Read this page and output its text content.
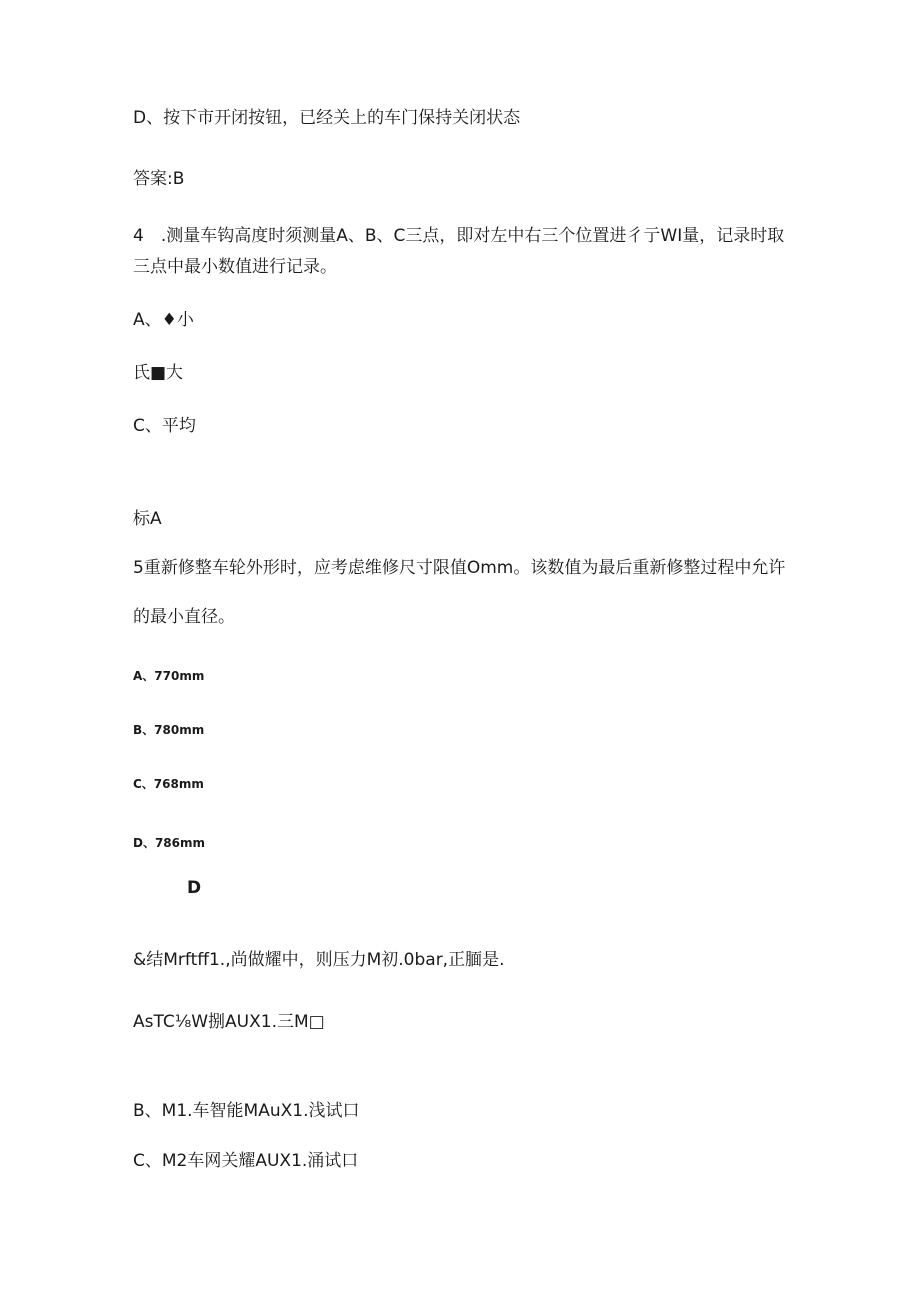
D、按下市开闭按钮，已经关上的车门保持关闭状态
答案:B
4　.测量车钩高度时须测量A、B、C三点，即对左中右三个位置进彳亍WI量，记录时取
三点中最小数值进行记录。
A、♦小
氏■大
C、平均
标A
5重新修整车轮外形时，应考虑维修尺寸限值Omm。该数值为最后重新修整过程中允许
的最小直径。
A、770mm
B、780mm
C、768mm
D、786mm
D
&结Mrftff1.,尚做耀中，则压力M初.0bar,正腼是.
AsTC⅛W捌AUX1.三M□
B、M1.车智能MAuX1.浅试口
C、M2车网关耀AUX1.涌试口
